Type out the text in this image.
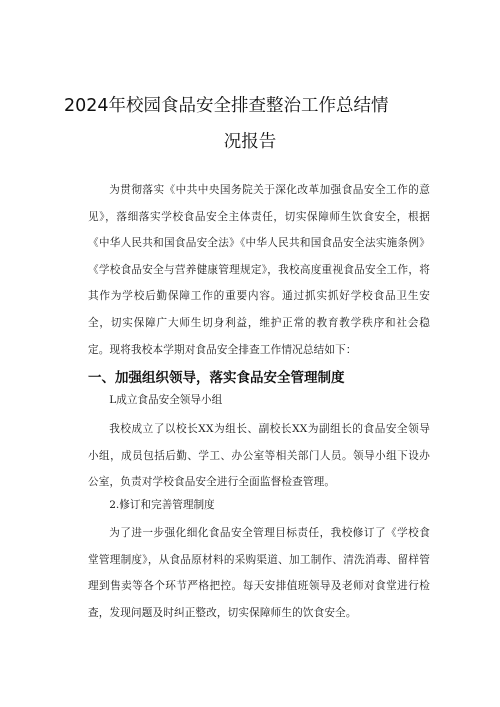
2024年校园食品安全排查整治工作总结情
况报告

为贯彻落实《中共中央国务院关于深化改革加强食品安全工作的意见》，落细落实学校食品安全主体责任，切实保障师生饮食安全，根据《中华人民共和国食品安全法》《中华人民共和国食品安全法实施条例》《学校食品安全与营养健康管理规定》，我校高度重视食品安全工作，将其作为学校后勤保障工作的重要内容。通过抓实抓好学校食品卫生安全，切实保障广大师生切身利益，维护正常的教育教学秩序和社会稳定。现将我校本学期对食品安全排查工作情况总结如下：

一、加强组织领导，落实食品安全管理制度
L成立食品安全领导小组

我校成立了以校长XX为组长、副校长XX为副组长的食品安全领导小组，成员包括后勤、学工、办公室等相关部门人员。领导小组下设办公室，负责对学校食品安全进行全面监督检查管理。

2.修订和完善管理制度

为了进一步强化细化食品安全管理目标责任，我校修订了《学校食堂管理制度》，从食品原材料的采购渠道、加工制作、清洗消毒、留样管理到售卖等各个环节严格把控。每天安排值班领导及老师对食堂进行检查，发现问题及时纠正整改，切实保障师生的饮食安全。
